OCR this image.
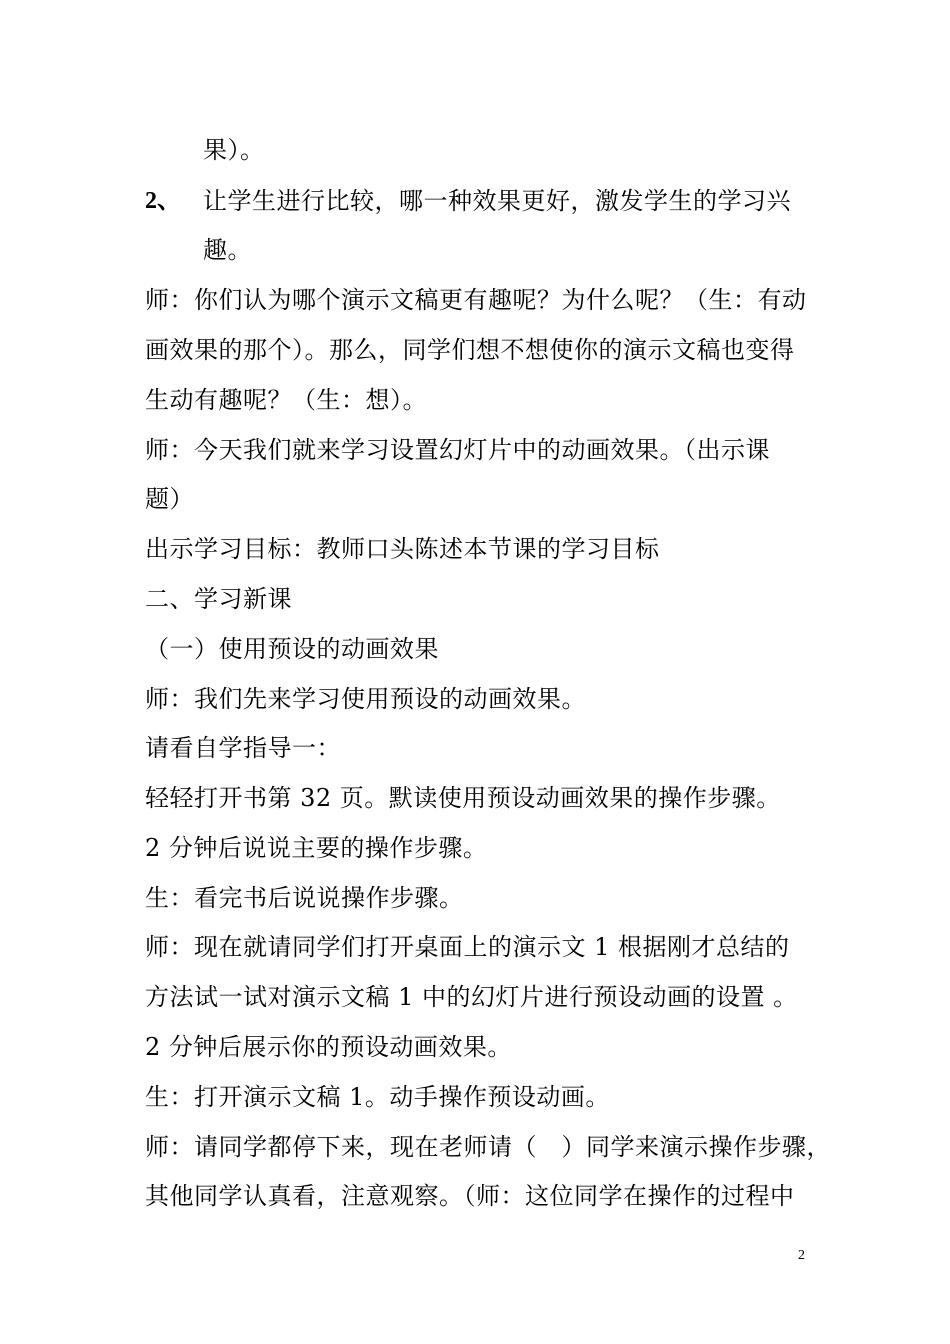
果）。
2、 让学生进行比较，哪一种效果更好，激发学生的学习兴
趣。
师：你们认为哪个演示文稿更有趣呢？为什么呢？（生：有动
画效果的那个）。那么，同学们想不想使你的演示文稿也变得
生动有趣呢？（生：想）。
师：今天我们就来学习设置幻灯片中的动画效果。（出示课
题）
出示学习目标：教师口头陈述本节课的学习目标
二、学习新课
（一）使用预设的动画效果
师：我们先来学习使用预设的动画效果。
请看自学指导一：
轻轻打开书第 32 页。默读使用预设动画效果的操作步骤。
2 分钟后说说主要的操作步骤。
生：看完书后说说操作步骤。
师：现在就请同学们打开桌面上的演示文 1 根据刚才总结的
方法试一试对演示文稿 1 中的幻灯片进行预设动画的设置 。
2 分钟后展示你的预设动画效果。
生：打开演示文稿 1。动手操作预设动画。
师：请同学都停下来，现在老师请（　）同学来演示操作步骤，
其他同学认真看，注意观察。（师：这位同学在操作的过程中
2
